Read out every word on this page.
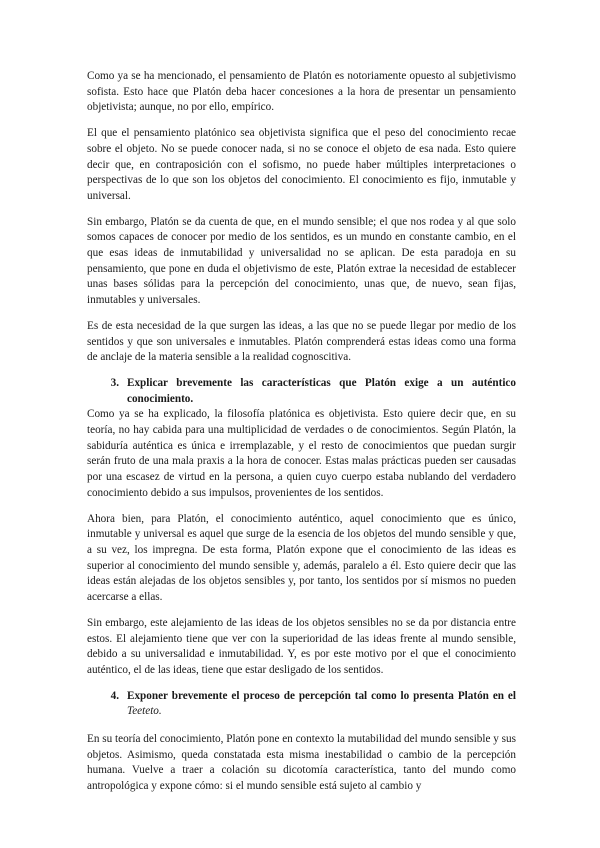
Como ya se ha mencionado, el pensamiento de Platón es notoriamente opuesto al subjetivismo sofista. Esto hace que Platón deba hacer concesiones a la hora de presentar un pensamiento objetivista; aunque, no por ello, empírico.

El que el pensamiento platónico sea objetivista significa que el peso del conocimiento recae sobre el objeto. No se puede conocer nada, si no se conoce el objeto de esa nada. Esto quiere decir que, en contraposición con el sofismo, no puede haber múltiples interpretaciones o perspectivas de lo que son los objetos del conocimiento. El conocimiento es fijo, inmutable y universal.

Sin embargo, Platón se da cuenta de que, en el mundo sensible; el que nos rodea y al que solo somos capaces de conocer por medio de los sentidos, es un mundo en constante cambio, en el que esas ideas de inmutabilidad y universalidad no se aplican. De esta paradoja en su pensamiento, que pone en duda el objetivismo de este, Platón extrae la necesidad de establecer unas bases sólidas para la percepción del conocimiento, unas que, de nuevo, sean fijas, inmutables y universales.

Es de esta necesidad de la que surgen las ideas, a las que no se puede llegar por medio de los sentidos y que son universales e inmutables. Platón comprenderá estas ideas como una forma de anclaje de la materia sensible a la realidad cognoscitiva.

3. Explicar brevemente las características que Platón exige a un auténtico conocimiento.

Como ya se ha explicado, la filosofía platónica es objetivista. Esto quiere decir que, en su teoría, no hay cabida para una multiplicidad de verdades o de conocimientos. Según Platón, la sabiduría auténtica es única e irremplazable, y el resto de conocimientos que puedan surgir serán fruto de una mala praxis a la hora de conocer. Estas malas prácticas pueden ser causadas por una escasez de virtud en la persona, a quien cuyo cuerpo estaba nublando del verdadero conocimiento debido a sus impulsos, provenientes de los sentidos.

Ahora bien, para Platón, el conocimiento auténtico, aquel conocimiento que es único, inmutable y universal es aquel que surge de la esencia de los objetos del mundo sensible y que, a su vez, los impregna. De esta forma, Platón expone que el conocimiento de las ideas es superior al conocimiento del mundo sensible y, además, paralelo a él. Esto quiere decir que las ideas están alejadas de los objetos sensibles y, por tanto, los sentidos por sí mismos no pueden acercarse a ellas.

Sin embargo, este alejamiento de las ideas de los objetos sensibles no se da por distancia entre estos. El alejamiento tiene que ver con la superioridad de las ideas frente al mundo sensible, debido a su universalidad e inmutabilidad. Y, es por este motivo por el que el conocimiento auténtico, el de las ideas, tiene que estar desligado de los sentidos.

4. Exponer brevemente el proceso de percepción tal como lo presenta Platón en el Teeteto.

En su teoría del conocimiento, Platón pone en contexto la mutabilidad del mundo sensible y sus objetos. Asimismo, queda constatada esta misma inestabilidad o cambio de la percepción humana. Vuelve a traer a colación su dicotomía característica, tanto del mundo como antropológica y expone cómo: si el mundo sensible está sujeto al cambio y
